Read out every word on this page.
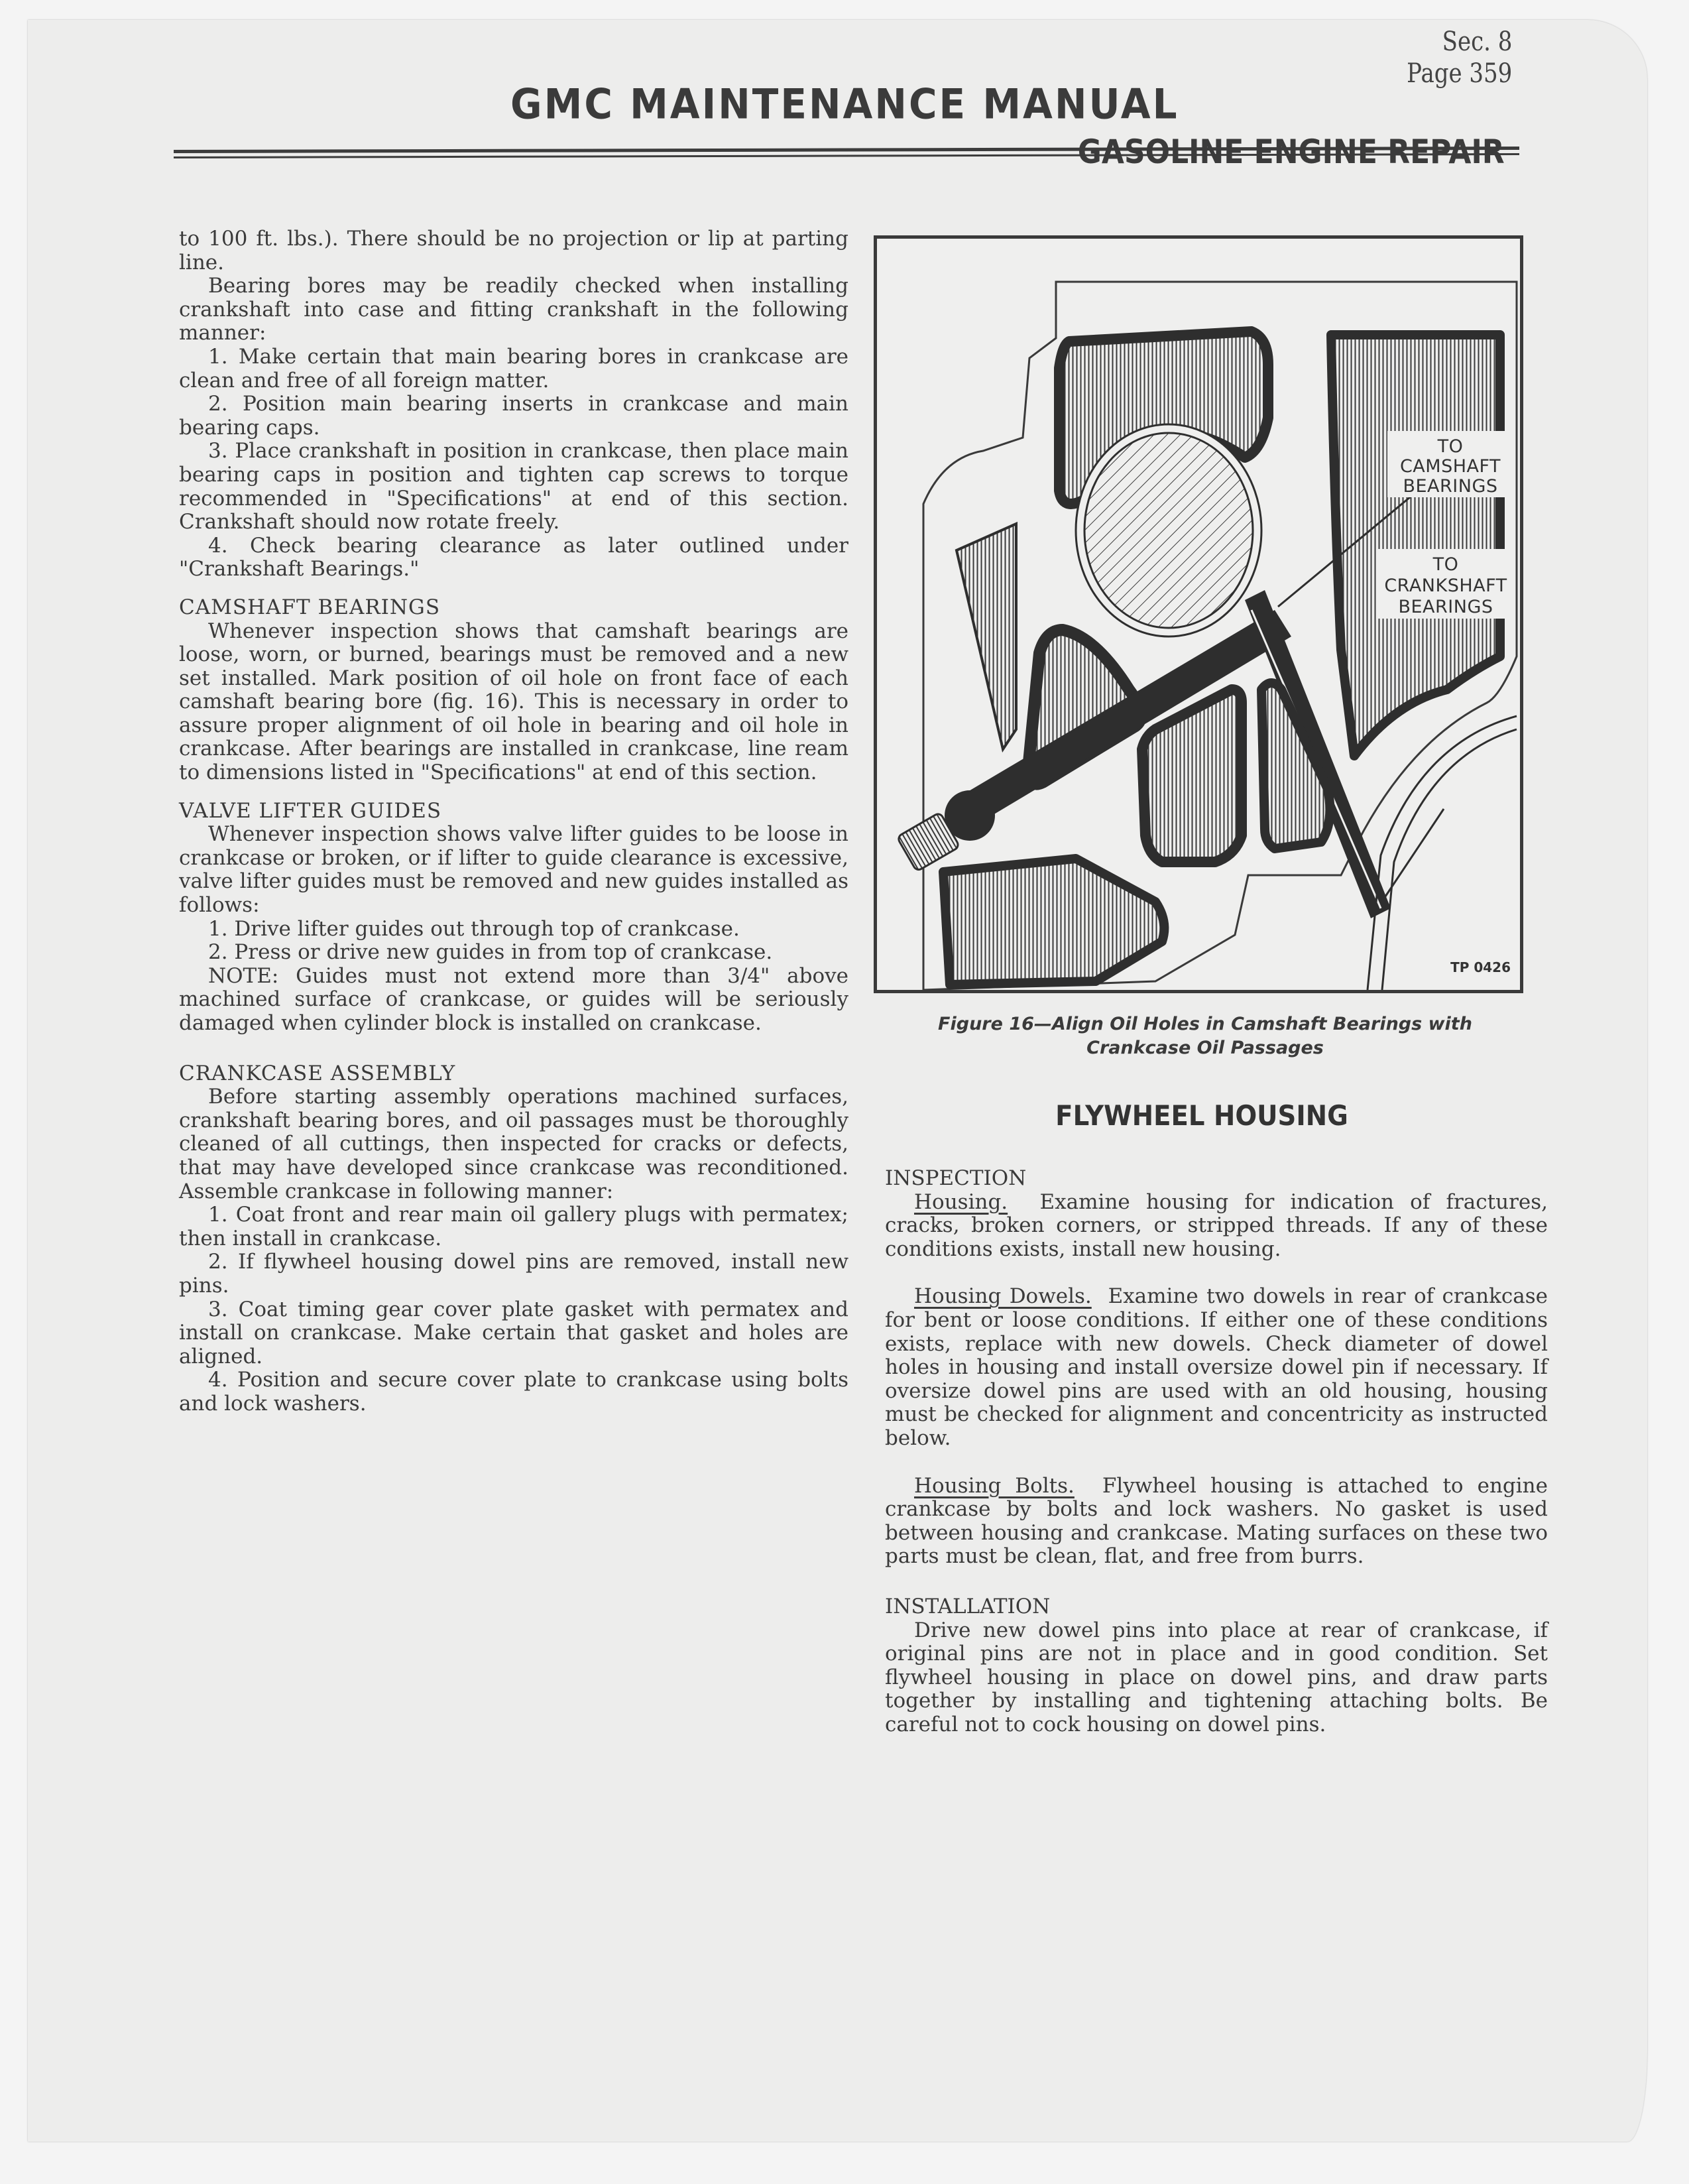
GMC MAINTENANCE MANUAL
Sec. 8
Page 359
GASOLINE ENGINE REPAIR

to 100 ft. lbs.). There should be no projection or lip at parting line.

Bearing bores may be readily checked when installing crankshaft into case and fitting crankshaft in the following manner:

1. Make certain that main bearing bores in crankcase are clean and free of all foreign matter.

2. Position main bearing inserts in crankcase and main bearing caps.

3. Place crankshaft in position in crankcase, then place main bearing caps in position and tighten cap screws to torque recommended in "Specifications" at end of this section. Crankshaft should now rotate freely.

4. Check bearing clearance as later outlined under "Crankshaft Bearings."

CAMSHAFT BEARINGS

Whenever inspection shows that camshaft bearings are loose, worn, or burned, bearings must be removed and a new set installed. Mark position of oil hole on front face of each camshaft bearing bore (fig. 16). This is necessary in order to assure proper alignment of oil hole in bearing and oil hole in crankcase. After bearings are installed in crankcase, line ream to dimensions listed in "Specifications" at end of this section.

VALVE LIFTER GUIDES

Whenever inspection shows valve lifter guides to be loose in crankcase or broken, or if lifter to guide clearance is excessive, valve lifter guides must be removed and new guides installed as follows:

1. Drive lifter guides out through top of crankcase.

2. Press or drive new guides in from top of crankcase.

NOTE: Guides must not extend more than 3/4" above machined surface of crankcase, or guides will be seriously damaged when cylinder block is installed on crankcase.

CRANKCASE ASSEMBLY

Before starting assembly operations machined surfaces, crankshaft bearing bores, and oil passages must be thoroughly cleaned of all cuttings, then inspected for cracks or defects, that may have developed since crankcase was reconditioned. Assemble crankcase in following manner:

1. Coat front and rear main oil gallery plugs with permatex; then install in crankcase.

2. If flywheel housing dowel pins are removed, install new pins.

3. Coat timing gear cover plate gasket with permatex and install on crankcase. Make certain that gasket and holes are aligned.

4. Position and secure cover plate to crankcase using bolts and lock washers.

TO
CAMSHAFT
BEARINGS
TO
CRANKSHAFT
BEARINGS
TP 0426
Figure 16—Align Oil Holes in Camshaft Bearings with
Crankcase Oil Passages
FLYWHEEL HOUSING

INSPECTION

Housing. Examine housing for indication of fractures, cracks, broken corners, or stripped threads. If any of these conditions exists, install new housing.

Housing Dowels. Examine two dowels in rear of crankcase for bent or loose conditions. If either one of these conditions exists, replace with new dowels. Check diameter of dowel holes in housing and install oversize dowel pin if necessary. If oversize dowel pins are used with an old housing, housing must be checked for alignment and concentricity as instructed below.

Housing Bolts. Flywheel housing is attached to engine crankcase by bolts and lock washers. No gasket is used between housing and crankcase. Mating surfaces on these two parts must be clean, flat, and free from burrs.

INSTALLATION

Drive new dowel pins into place at rear of crankcase, if original pins are not in place and in good condition. Set flywheel housing in place on dowel pins, and draw parts together by installing and tightening attaching bolts. Be careful not to cock housing on dowel pins.
